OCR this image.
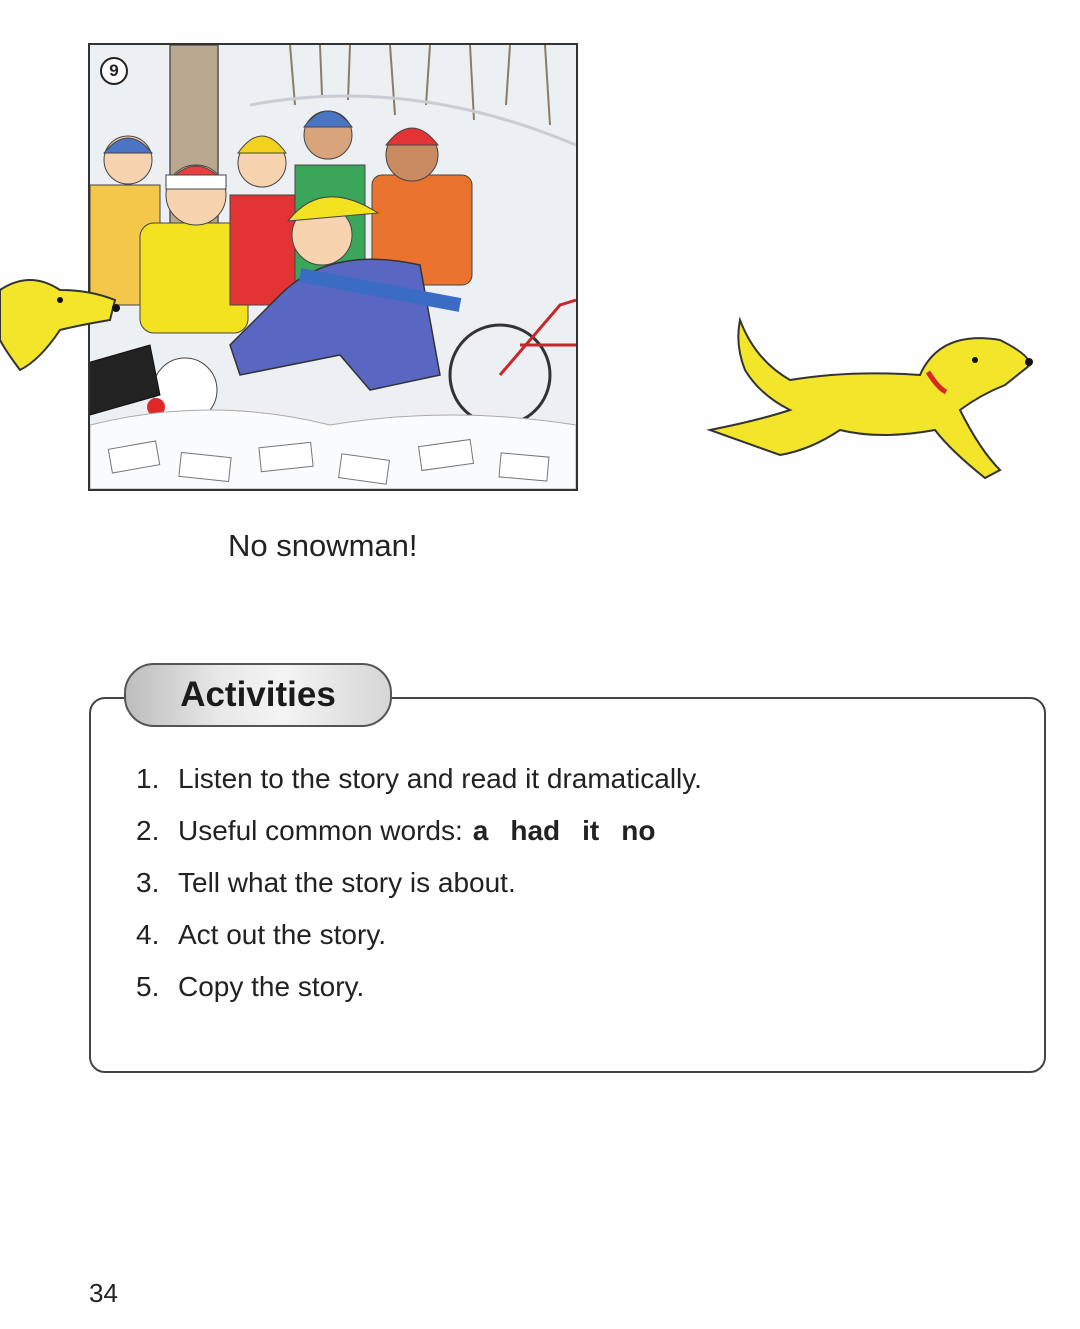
9
No snowman!
Activities
1. Listen to the story and read it dramatically.
2. Useful common words: a had it no
3. Tell what the story is about.
4. Act out the story.
5. Copy the story.
34
